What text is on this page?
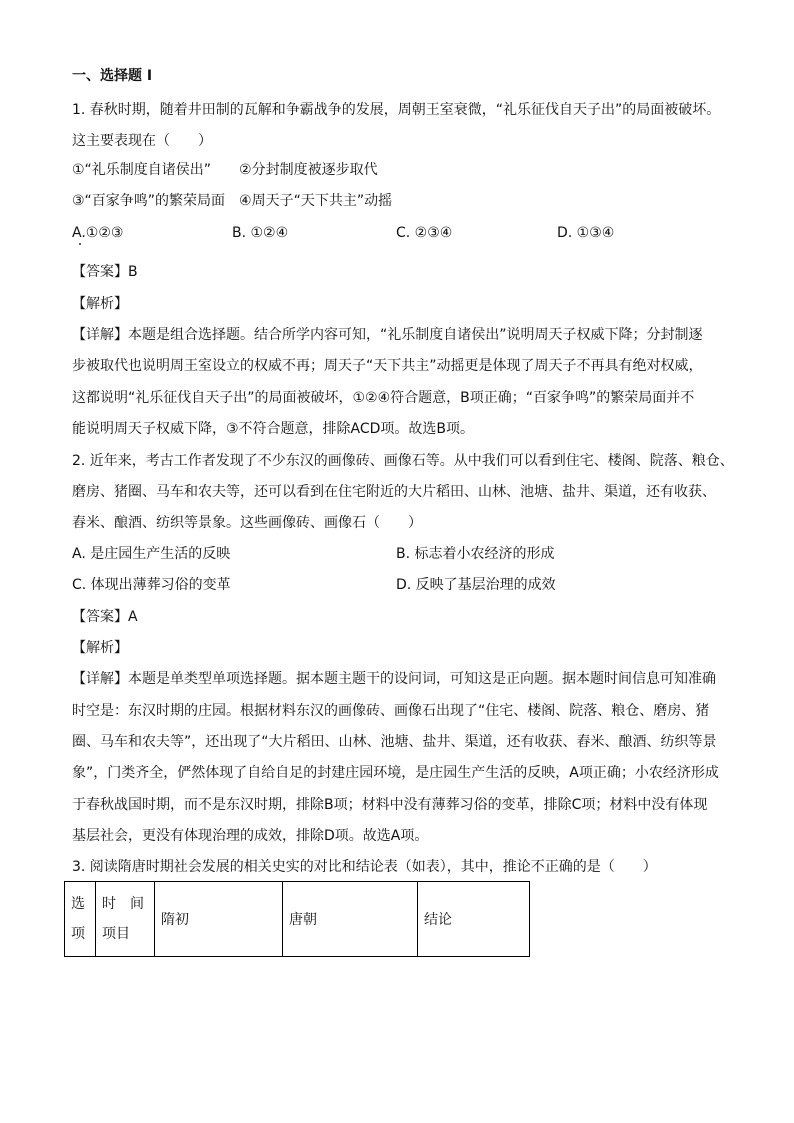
一、选择题 I
1. 春秋时期，随着井田制的瓦解和争霸战争的发展，周朝王室衰微，“礼乐征伐自天子出”的局面被破坏。
这主要表现在（　　）
①“礼乐制度自诸侯出”　　②分封制度被逐步取代
③“百家争鸣”的繁荣局面　④周天子“天下共主”动摇
A.①②③	B. ①②④	C. ②③④	D. ①③④
【答案】B
【解析】
【详解】本题是组合选择题。结合所学内容可知，“礼乐制度自诸侯出”说明周天子权威下降；分封制逐
步被取代也说明周王室设立的权威不再；周天子“天下共主”动摇更是体现了周天子不再具有绝对权威，
这都说明“礼乐征伐自天子出”的局面被破坏，①②④符合题意，B项正确；“百家争鸣”的繁荣局面并不
能说明周天子权威下降，③不符合题意，排除ACD项。故选B项。
2. 近年来，考古工作者发现了不少东汉的画像砖、画像石等。从中我们可以看到住宅、楼阁、院落、粮仓、
磨房、猪圈、马车和农夫等，还可以看到在住宅附近的大片稻田、山林、池塘、盐井、渠道，还有收获、
舂米、酿酒、纺织等景象。这些画像砖、画像石（　　）
A. 是庄园生产生活的反映	B. 标志着小农经济的形成
C. 体现出薄葬习俗的变革	D. 反映了基层治理的成效
【答案】A
【解析】
【详解】本题是单类型单项选择题。据本题主题干的设问词，可知这是正向题。据本题时间信息可知准确
时空是：东汉时期的庄园。根据材料东汉的画像砖、画像石出现了“住宅、楼阁、院落、粮仓、磨房、猪
圈、马车和农夫等”，还出现了“大片稻田、山林、池塘、盐井、渠道，还有收获、舂米、酿酒、纺织等景
象”，门类齐全，俨然体现了自给自足的封建庄园环境，是庄园生产生活的反映，A项正确；小农经济形成
于春秋战国时期，而不是东汉时期，排除B项；材料中没有薄葬习俗的变革，排除C项；材料中没有体现
基层社会，更没有体现治理的成效，排除D项。故选A项。
3. 阅读隋唐时期社会发展的相关史实的对比和结论表（如表），其中，推论不正确的是（　　）
选项	时　间 项目	隋初	唐朝	结论
